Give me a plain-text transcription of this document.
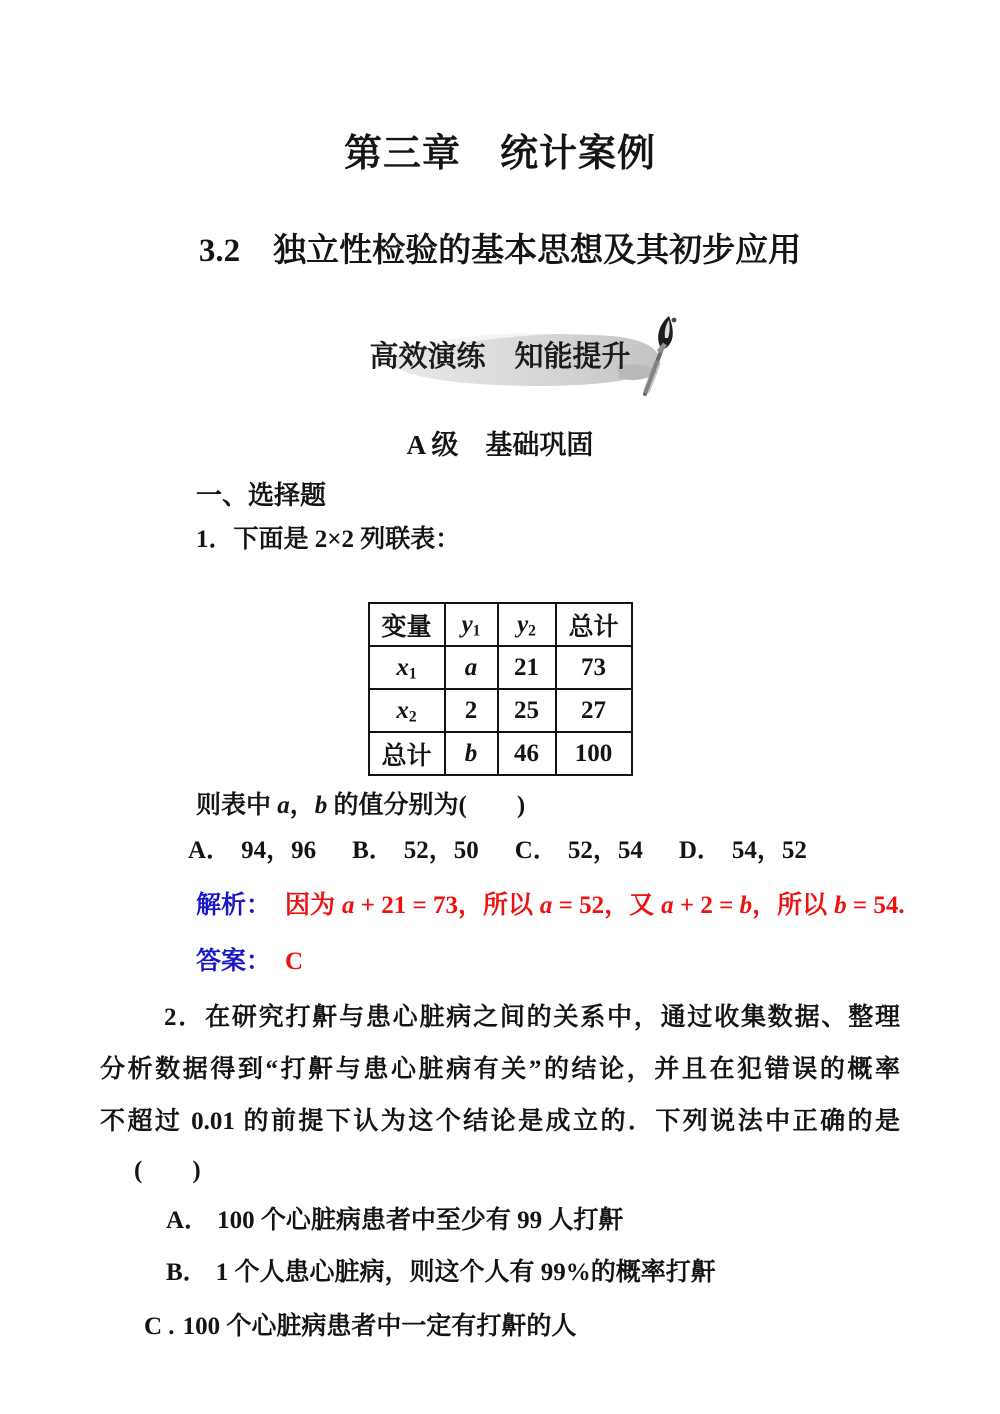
第三章　统计案例
3.2　独立性检验的基本思想及其初步应用
高效演练　知能提升
A 级　基础巩固
一、选择题
1．下面是 2×2 列联表：
变量	$y_1$	$y_2$	总计
$x_1$	a	21	73
$x_2$	2	25	27
总计	b	46	100
则表中 a，b 的值分别为(　　)
A． 94，96 B． 52，50 C． 52，54 D． 54，52
解析： 因为 a + 21 = 73，所以 a = 52，又 a + 2 = b，所以 b = 54.
答案： C
2．在研究打鼾与患心脏病之间的关系中，通过收集数据、整理
分析数据得到“打鼾与患心脏病有关”的结论，并且在犯错误的概率
不超过 0.01 的前提下认为这个结论是成立的．下列说法中正确的是
(　　)
A． 100 个心脏病患者中至少有 99 人打鼾
B． 1 个人患心脏病，则这个人有 99%的概率打鼾
C . 100 个心脏病患者中一定有打鼾的人
